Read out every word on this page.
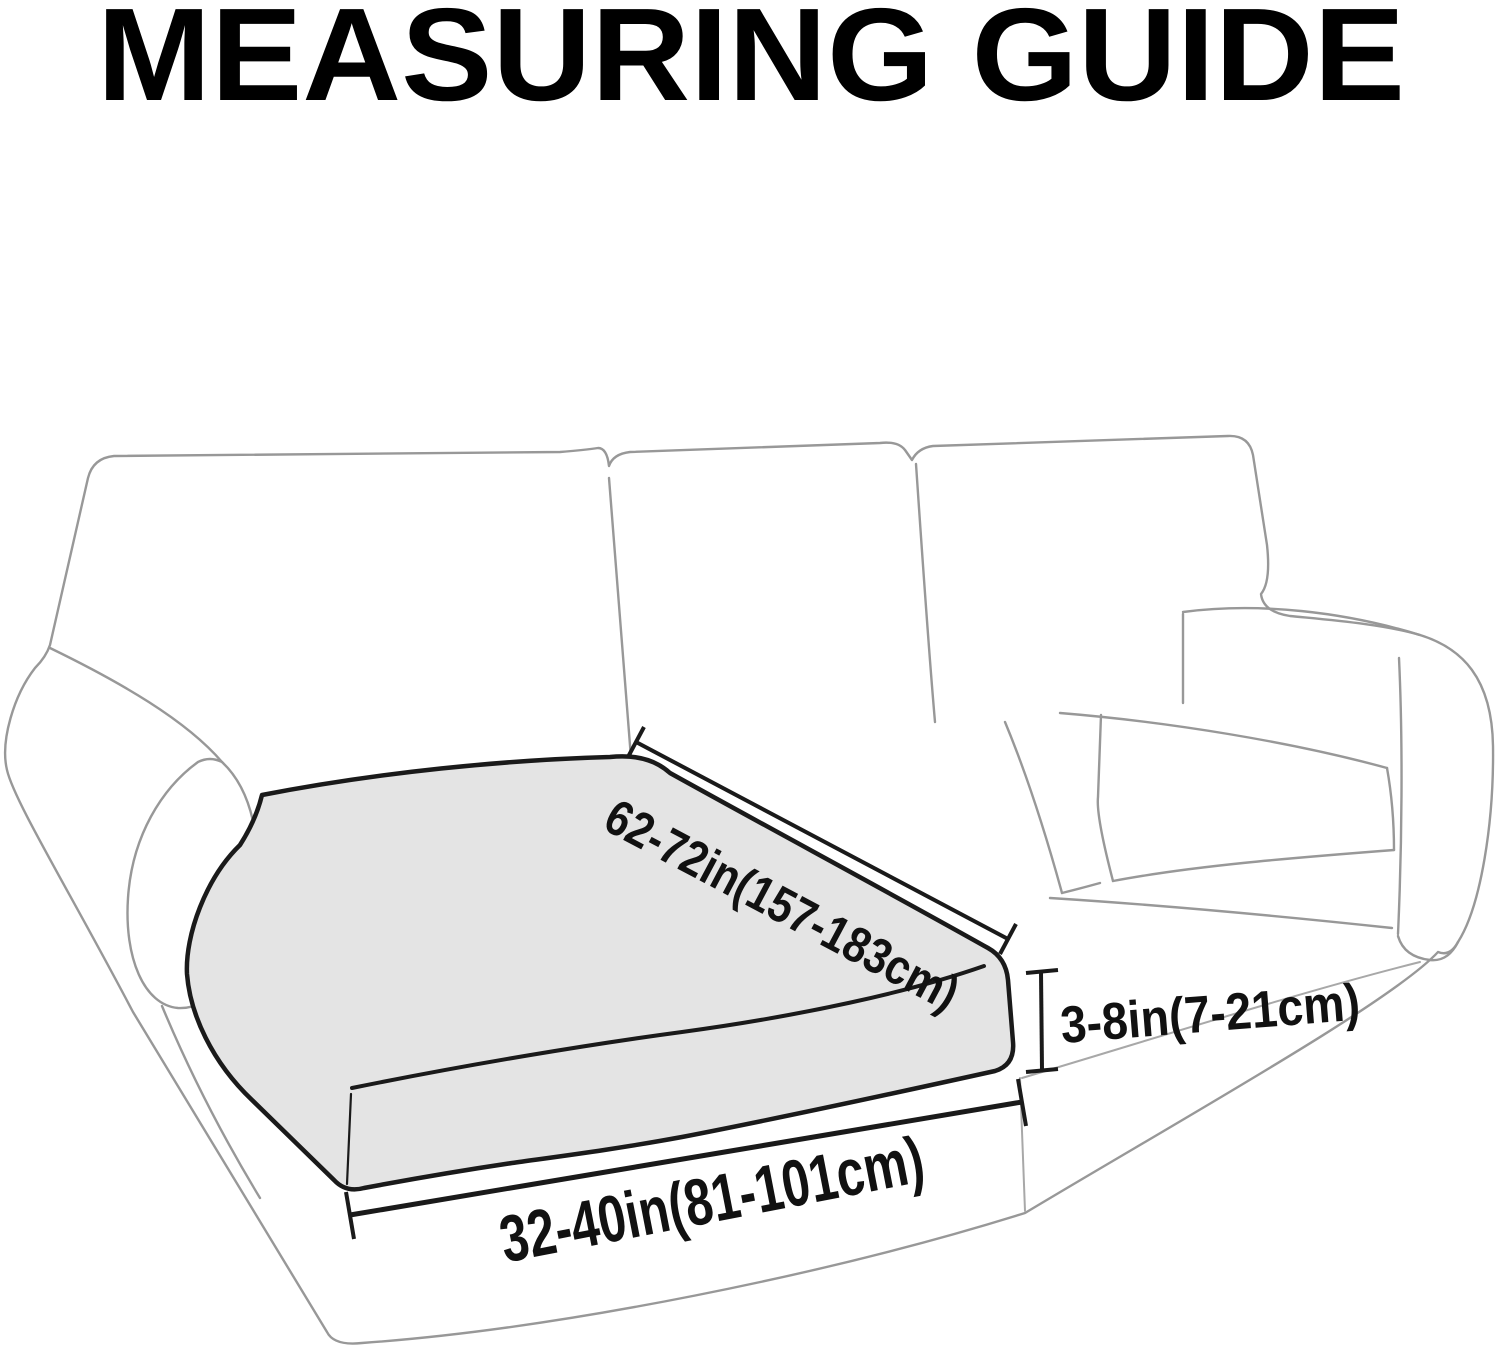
MEASURING GUIDE
62-72in(157-183cm) 3-8in(7-21cm)
32-40in(81-101cm)
